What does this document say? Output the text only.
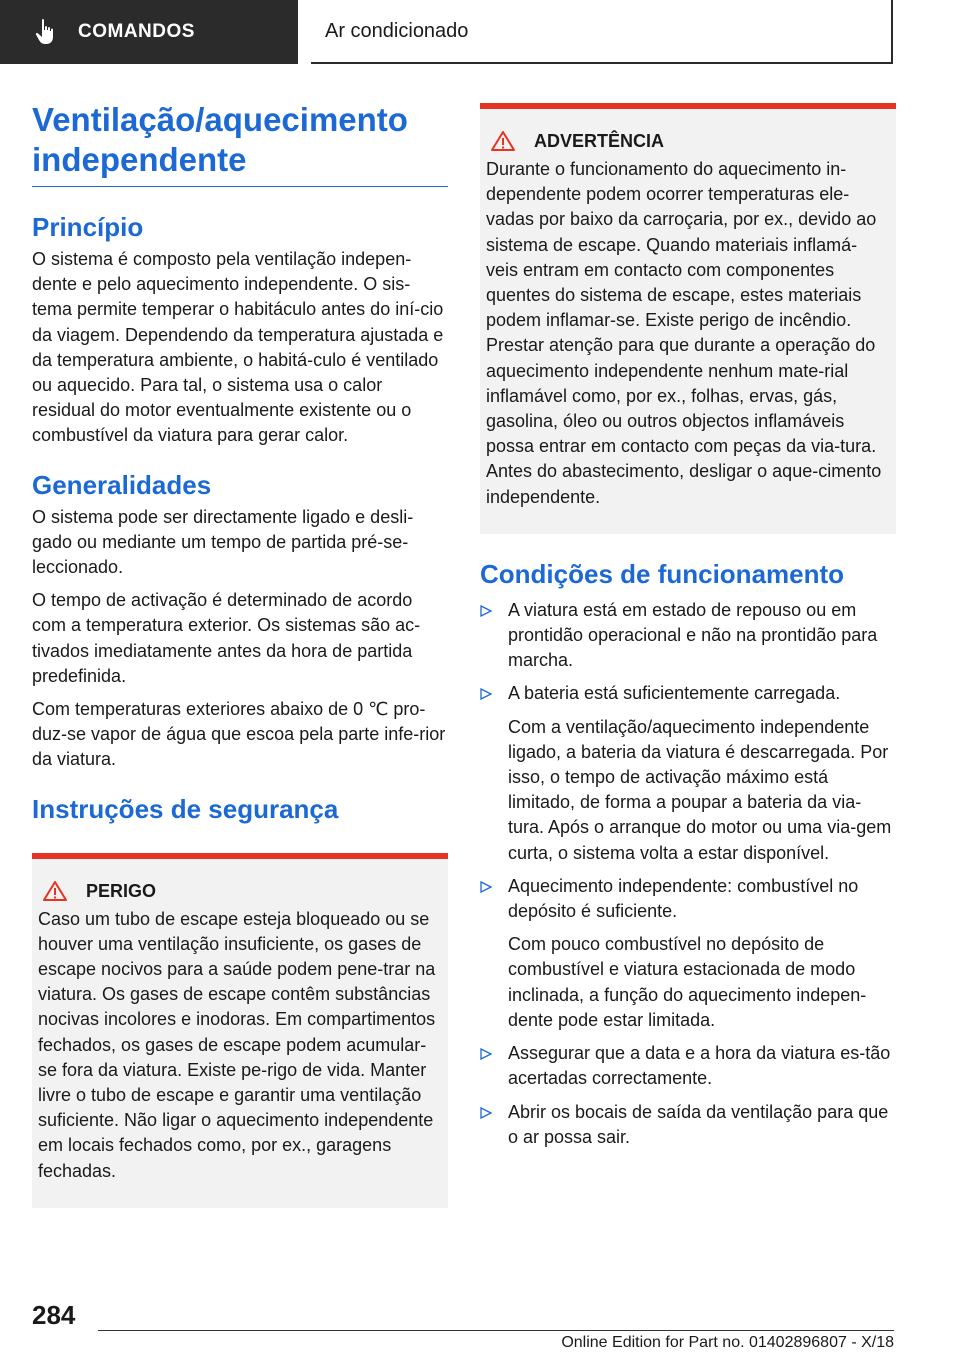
COMANDOS	Ar condicionado
Ventilação/aquecimento independente
Princípio

O sistema é composto pela ventilação indepen-dente e pelo aquecimento independente. O sis-tema permite temperar o habitáculo antes do iní-cio da viagem. Dependendo da temperatura ajustada e da temperatura ambiente, o habitá-culo é ventilado ou aquecido. Para tal, o sistema usa o calor residual do motor eventualmente existente ou o combustível da viatura para gerar calor.

Generalidades

O sistema pode ser directamente ligado e desli-gado ou mediante um tempo de partida pré-se-leccionado.

O tempo de activação é determinado de acordo com a temperatura exterior. Os sistemas são ac-tivados imediatamente antes da hora de partida predefinida.

Com temperaturas exteriores abaixo de 0 ℃ pro-duz-se vapor de água que escoa pela parte infe-rior da viatura.

Instruções de segurança
PERIGO

Caso um tubo de escape esteja bloqueado ou se houver uma ventilação insuficiente, os gases de escape nocivos para a saúde podem pene-trar na viatura. Os gases de escape contêm substâncias nocivas incolores e inodoras. Em compartimentos fechados, os gases de escape podem acumular-se fora da viatura. Existe pe-rigo de vida. Manter livre o tubo de escape e garantir uma ventilação suficiente. Não ligar o aquecimento independente em locais fechados como, por ex., garagens fechadas.

ADVERTÊNCIA

Durante o funcionamento do aquecimento in-dependente podem ocorrer temperaturas ele-vadas por baixo da carroçaria, por ex., devido ao sistema de escape. Quando materiais inflamá-veis entram em contacto com componentes quentes do sistema de escape, estes materiais podem inflamar-se. Existe perigo de incêndio. Prestar atenção para que durante a operação do aquecimento independente nenhum mate-rial inflamável como, por ex., folhas, ervas, gás, gasolina, óleo ou outros objectos inflamáveis possa entrar em contacto com peças da via-tura. Antes do abastecimento, desligar o aque-cimento independente.

Condições de funcionamento
A viatura está em estado de repouso ou em prontidão operacional e não na prontidão para marcha.
A bateria está suficientemente carregada.
Com a ventilação/aquecimento independente ligado, a bateria da viatura é descarregada. Por isso, o tempo de activação máximo está limitado, de forma a poupar a bateria da via-tura. Após o arranque do motor ou uma via-gem curta, o sistema volta a estar disponível.
Aquecimento independente: combustível no depósito é suficiente.
Com pouco combustível no depósito de combustível e viatura estacionada de modo inclinada, a função do aquecimento indepen-dente pode estar limitada.
Assegurar que a data e a hora da viatura es-tão acertadas correctamente.
Abrir os bocais de saída da ventilação para que o ar possa sair.
284
Online Edition for Part no. 01402896807 - X/18
